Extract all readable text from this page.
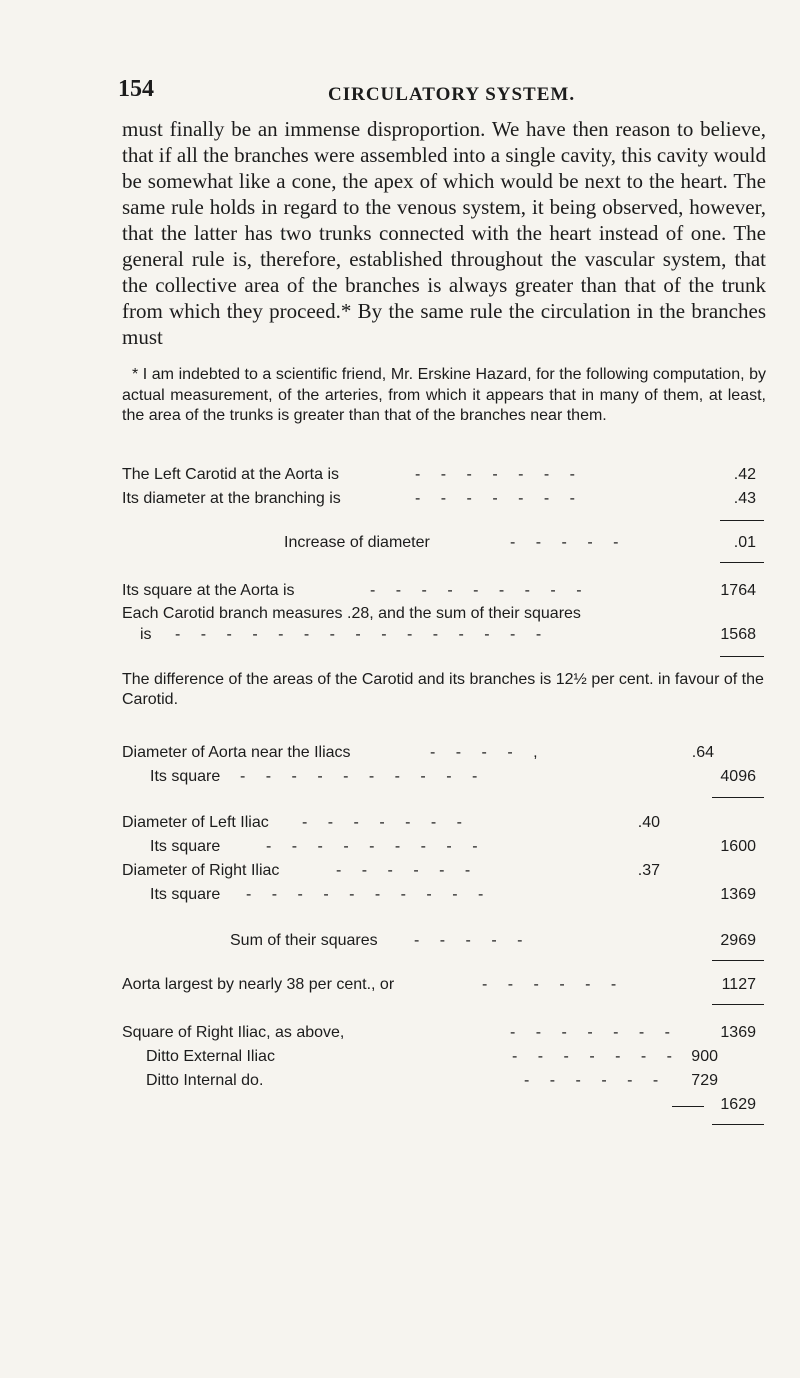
154	CIRCULATORY SYSTEM.

must finally be an immense disproportion. We have then reason to believe, that if all the branches were assembled into a single cavity, this cavity would be somewhat like a cone, the apex of which would be next to the heart. The same rule holds in regard to the venous system, it being observed, however, that the latter has two trunks connected with the heart instead of one. The general rule is, therefore, established throughout the vascular system, that the collective area of the branches is always greater than that of the trunk from which they proceed.* By the same rule the circulation in the branches must

* I am indebted to a scientific friend, Mr. Erskine Hazard, for the following computation, by actual measurement, of the arteries, from which it appears that in many of them, at least, the area of the trunks is greater than that of the branches near them.

The Left Carotid at the Aorta is	- - - - - - -	.42
Its diameter at the branching is	- - - - - - -	.43
Increase of diameter	- - - - -	.01
Its square at the Aorta is	- - - - - - - - -	1764
Each Carotid branch measures .28, and the sum of their squares
is - - - - - - - - - - - - - - -	1568
The difference of the areas of the Carotid and its branches is 12½ per cent. in favour of the Carotid.
Diameter of Aorta near the Iliacs	- - - - ,	.64
Its square - - - - - - - - - -	4096
Diameter of Left Iliac - - - - - - -	.40
Its square	- - - - - - - - -	1600
Diameter of Right Iliac	- - - - - -	.37
Its square - - - - - - - - - -	1369
Sum of their squares - - - - -	2969
Aorta largest by nearly 38 per cent., or	- - - - - -	1127
Square of Right Iliac, as above,	- - - - - - -	1369
Ditto External Iliac	- - - - - - - 900
Ditto Internal do.	- - - - - - 729
1629
